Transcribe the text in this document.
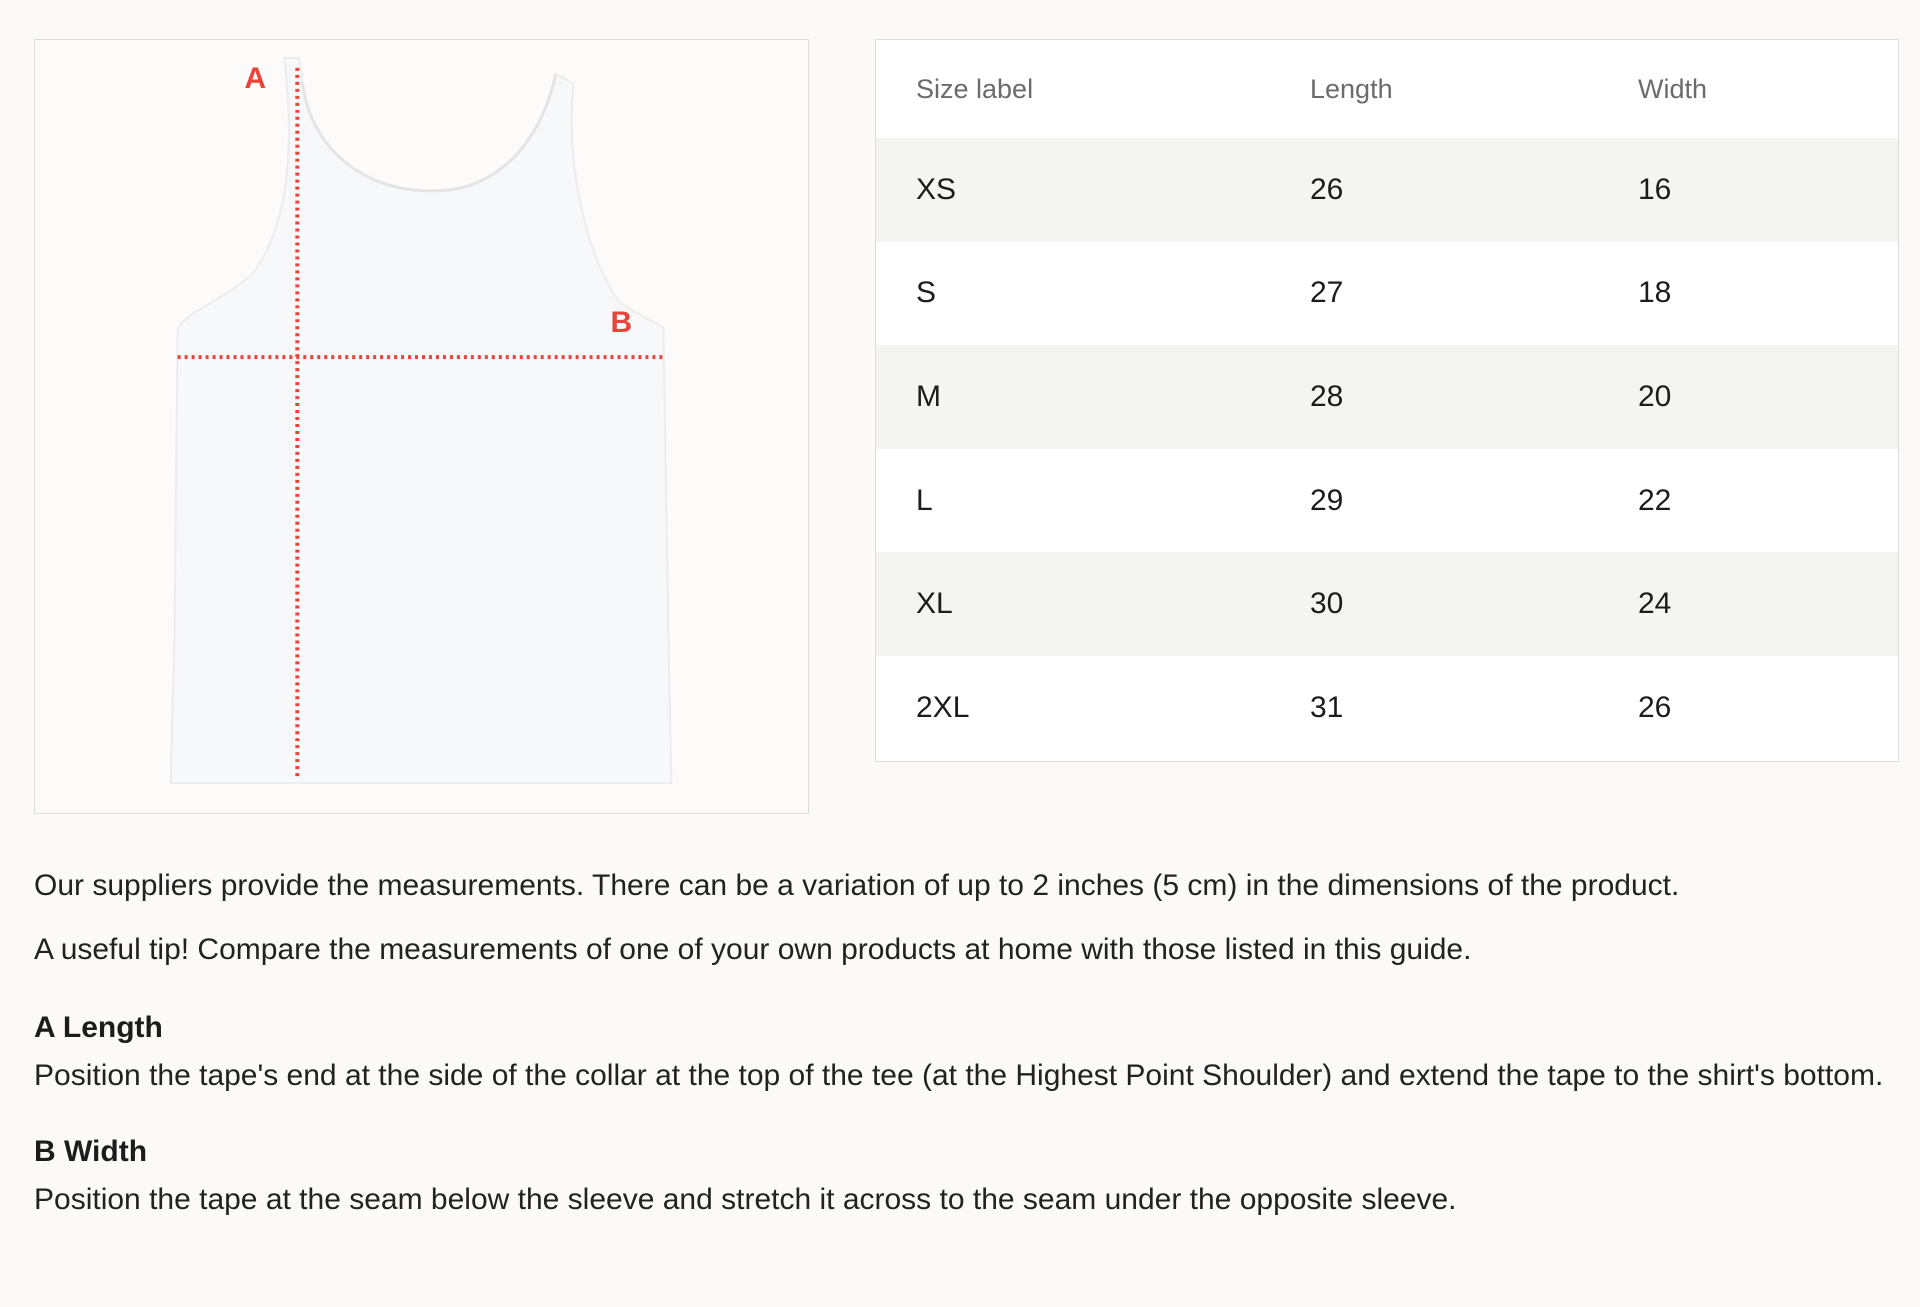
A
B
Size label	Length	Width
XS	26	16
S	27	18
M	28	20
L	29	22
XL	30	24
2XL	31	26

Our suppliers provide the measurements. There can be a variation of up to 2 inches (5 cm) in the dimensions of the product.

A useful tip! Compare the measurements of one of your own products at home with those listed in this guide.

A Length

Position the tape's end at the side of the collar at the top of the tee (at the Highest Point Shoulder) and extend the tape to the shirt's bottom.

B Width

Position the tape at the seam below the sleeve and stretch it across to the seam under the opposite sleeve.
